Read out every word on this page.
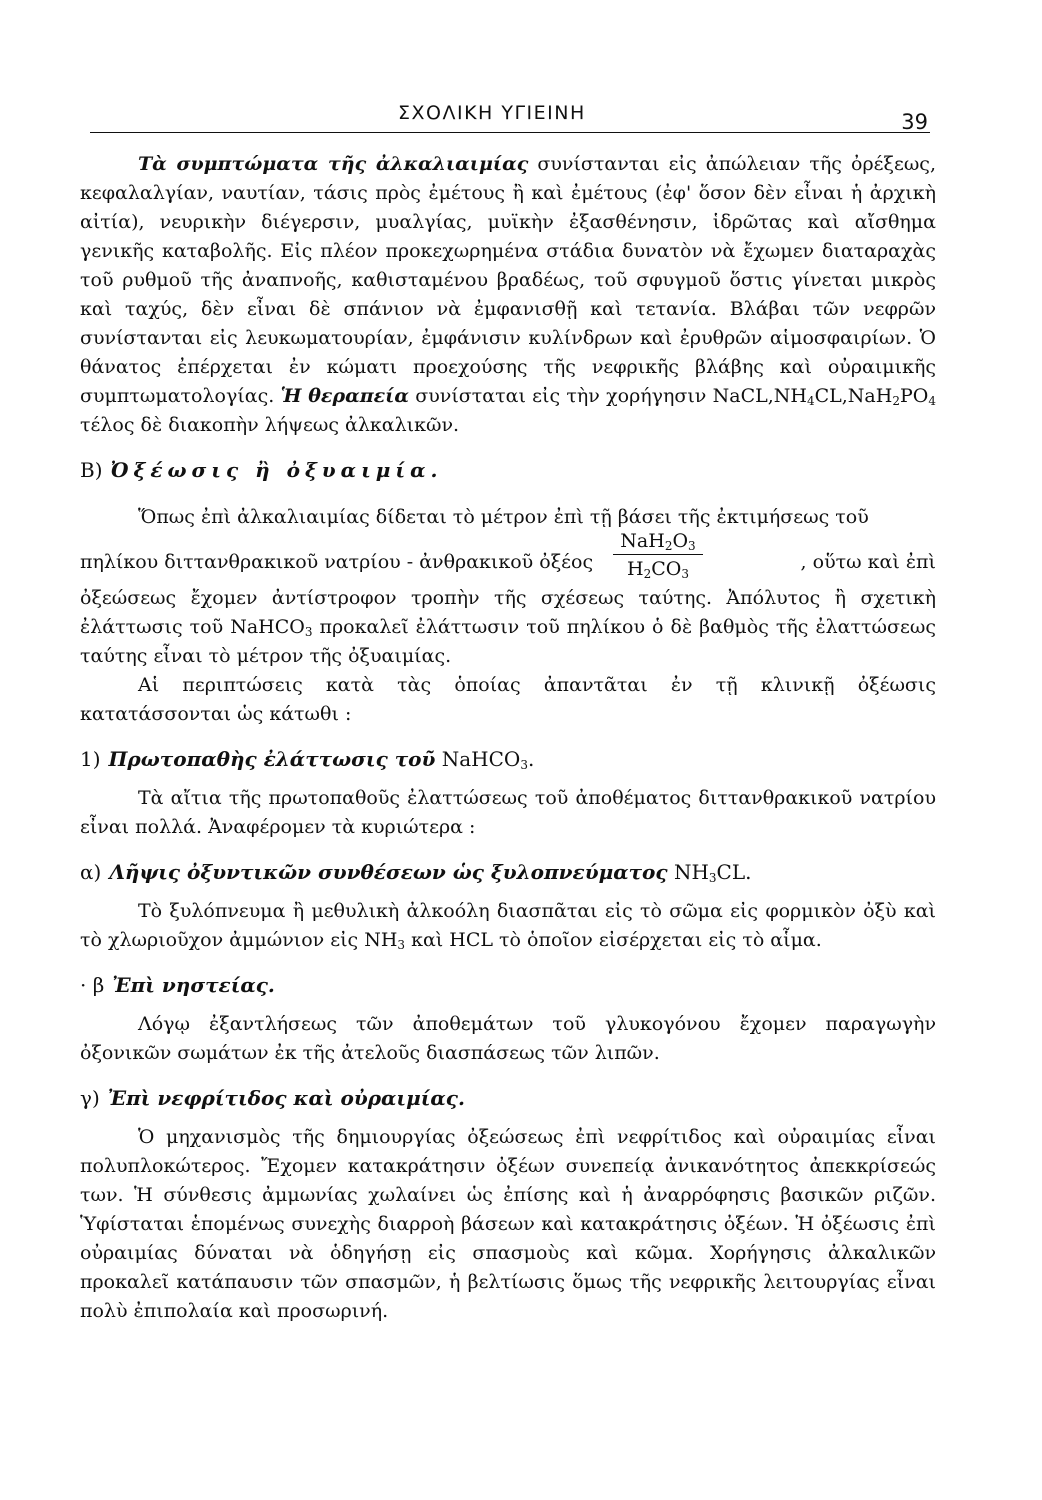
ΣΧΟΛΙΚΗ ΥΓΙΕΙΝΗ	39

Τὰ συμπτώματα τῆς ἀλκαλιαιμίας συνίστανται εἰς ἀπώλειαν τῆς ὀρέξεως, κεφαλαλγίαν, ναυτίαν, τάσις πρὸς ἐμέτους ἢ καὶ ἐμέτους (ἐφ' ὅσον δὲν εἶναι ἡ ἀρχικὴ αἰτία), νευρικὴν διέγερσιν, μυαλγίας, μυϊκὴν ἐξασθένησιν, ἱδρῶτας καὶ αἴσθημα γενικῆς καταβολῆς. Εἰς πλέον προκεχωρημένα στάδια δυνατὸν νὰ ἔχωμεν διαταραχὰς τοῦ ρυθμοῦ τῆς ἀναπνοῆς, καθισταμένου βραδέως, τοῦ σφυγμοῦ ὅστις γίνεται μικρὸς καὶ ταχύς, δὲν εἶναι δὲ σπάνιον νὰ ἐμφανισθῇ καὶ τετανία. Βλάβαι τῶν νεφρῶν συνίστανται εἰς λευκωματουρίαν, ἐμφάνισιν κυλίνδρων καὶ ἐρυθρῶν αἱμοσφαιρίων. Ὁ θάνατος ἐπέρχεται ἐν κώματι προεχούσης τῆς νεφρικῆς βλάβης καὶ οὐραιμικῆς συμπτωματολογίας. Ἡ θεραπεία συνίσταται εἰς τὴν χορήγησιν $NaCL,NH_4CL,NaH_2PO_4$ τέλος δὲ διακοπὴν λήψεως ἀλκαλικῶν.

Β) Ὀξέωσις ἢ ὀξυαιμία.

Ὅπως ἐπὶ ἀλκαλιαιμίας δίδεται τὸ μέτρον ἐπὶ τῇ βάσει τῆς ἐκτιμήσεως τοῦ

πηλίκου διττανθρακικοῦ νατρίου - ἀνθρακικοῦ ὀξέος
$NaH_2O_3$
$H_2CO_3$
, οὕτω καὶ ἐπὶ

ὀξεώσεως ἔχομεν ἀντίστροφον τροπὴν τῆς σχέσεως ταύτης. Ἀπόλυτος ἢ σχετικὴ ἐλάττωσις τοῦ NaHCO$_3$ προκαλεῖ ἐλάττωσιν τοῦ πηλίκου ὁ δὲ βαθμὸς τῆς ἐλαττώσεως ταύτης εἶναι τὸ μέτρον τῆς ὀξυαιμίας.

Αἱ περιπτώσεις κατὰ τὰς ὁποίας ἀπαντᾶται ἐν τῇ κλινικῇ ὀξέωσις κατατάσσονται ὡς κάτωθι :

1) Πρωτοπαθὴς ἐλάττωσις τοῦ NaHCO$_3$.

Τὰ αἴτια τῆς πρωτοπαθοῦς ἐλαττώσεως τοῦ ἀποθέματος διττανθρακικοῦ νατρίου εἶναι πολλά. Ἀναφέρομεν τὰ κυριώτερα :

α) Λῆψις ὀξυντικῶν συνθέσεων ὡς ξυλοπνεύματος $NH_3CL$.

Τὸ ξυλόπνευμα ἢ μεθυλικὴ ἀλκοόλη διασπᾶται εἰς τὸ σῶμα εἰς φορμικὸν ὀξὺ καὶ τὸ χλωριοῦχον ἀμμώνιον εἰς $NH_3$ καὶ HCL τὸ ὁποῖον εἰσέρχεται εἰς τὸ αἷμα.

· β Ἐπὶ νηστείας.

Λόγῳ ἐξαντλήσεως τῶν ἀποθεμάτων τοῦ γλυκογόνου ἔχομεν παραγωγὴν ὀξονικῶν σωμάτων ἐκ τῆς ἀτελοῦς διασπάσεως τῶν λιπῶν.

γ) Ἐπὶ νεφρίτιδος καὶ οὐραιμίας.

Ὁ μηχανισμὸς τῆς δημιουργίας ὀξεώσεως ἐπὶ νεφρίτιδος καὶ οὐραιμίας εἶναι πολυπλοκώτερος. Ἔχομεν κατακράτησιν ὀξέων συνεπείᾳ ἀνικανότητος ἀπεκκρίσεώς των. Ἡ σύνθεσις ἀμμωνίας χωλαίνει ὡς ἐπίσης καὶ ἡ ἀναρρόφησις βασικῶν ριζῶν. Ὑφίσταται ἑπομένως συνεχὴς διαρροὴ βάσεων καὶ κατακράτησις ὀξέων. Ἡ ὀξέωσις ἐπὶ οὐραιμίας δύναται νὰ ὁδηγήσῃ εἰς σπασμοὺς καὶ κῶμα. Χορήγησις ἀλκαλικῶν προκαλεῖ κατάπαυσιν τῶν σπασμῶν, ἡ βελτίωσις ὅμως τῆς νεφρικῆς λειτουργίας εἶναι πολὺ ἐπιπολαία καὶ προσωρινή.
